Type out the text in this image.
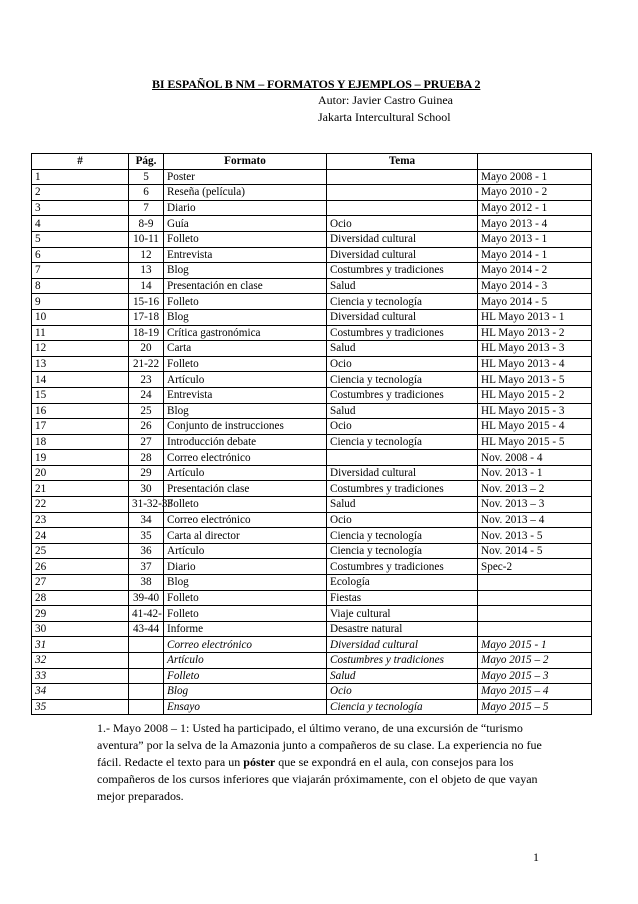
BI ESPAÑOL B NM – FORMATOS Y EJEMPLOS – PRUEBA 2
Autor: Javier Castro Guinea
Jakarta Intercultural School
#	Pág.	Formato	Tema	
1	5	Poster		Mayo 2008 - 1
2	6	Reseña (película)		Mayo 2010 - 2
3	7	Diario		Mayo 2012 - 1
4	8-9	Guía	Ocio	Mayo 2013 - 4
5	10-11	Folleto	Diversidad cultural	Mayo 2013 - 1
6	12	Entrevista	Diversidad cultural	Mayo 2014 - 1
7	13	Blog	Costumbres y tradiciones	Mayo 2014 - 2
8	14	Presentación en clase	Salud	Mayo 2014 - 3
9	15-16	Folleto	Ciencia y tecnología	Mayo 2014 - 5
10	17-18	Blog	Diversidad cultural	HL Mayo 2013 - 1
11	18-19	Crítica gastronómica	Costumbres y tradiciones	HL Mayo 2013 - 2
12	20	Carta	Salud	HL Mayo 2013 - 3
13	21-22	Folleto	Ocio	HL Mayo 2013 - 4
14	23	Artículo	Ciencia y tecnología	HL Mayo 2013 - 5
15	24	Entrevista	Costumbres y tradiciones	HL Mayo 2015 - 2
16	25	Blog	Salud	HL Mayo 2015 - 3
17	26	Conjunto de instrucciones	Ocio	HL Mayo 2015 - 4
18	27	Introducción debate	Ciencia y tecnología	HL Mayo 2015 - 5
19	28	Correo electrónico		Nov. 2008 - 4
20	29	Artículo	Diversidad cultural	Nov. 2013 - 1
21	30	Presentación clase	Costumbres y tradiciones	Nov. 2013 – 2
22	31-32-33	Folleto	Salud	Nov. 2013 – 3
23	34	Correo electrónico	Ocio	Nov. 2013 – 4
24	35	Carta al director	Ciencia y tecnología	Nov. 2013 - 5
25	36	Artículo	Ciencia y tecnología	Nov. 2014 - 5
26	37	Diario	Costumbres y tradiciones	Spec-2
27	38	Blog	Ecología	
28	39-40	Folleto	Fiestas	
29	41-42-	Folleto	Viaje cultural	
30	43-44	Informe	Desastre natural	
31		Correo electrónico	Diversidad cultural	Mayo 2015 - 1
32		Artículo	Costumbres y tradiciones	Mayo 2015 – 2
33		Folleto	Salud	Mayo 2015 – 3
34		Blog	Ocio	Mayo 2015 – 4
35		Ensayo	Ciencia y tecnología	Mayo 2015 – 5
1.- Mayo 2008 – 1: Usted ha participado, el último verano, de una excursión de “turismo aventura” por la selva de la Amazonia junto a compañeros de su clase. La experiencia no fue fácil. Redacte el texto para un póster que se expondrá en el aula, con consejos para los compañeros de los cursos inferiores que viajarán próximamente, con el objeto de que vayan mejor preparados.
1
